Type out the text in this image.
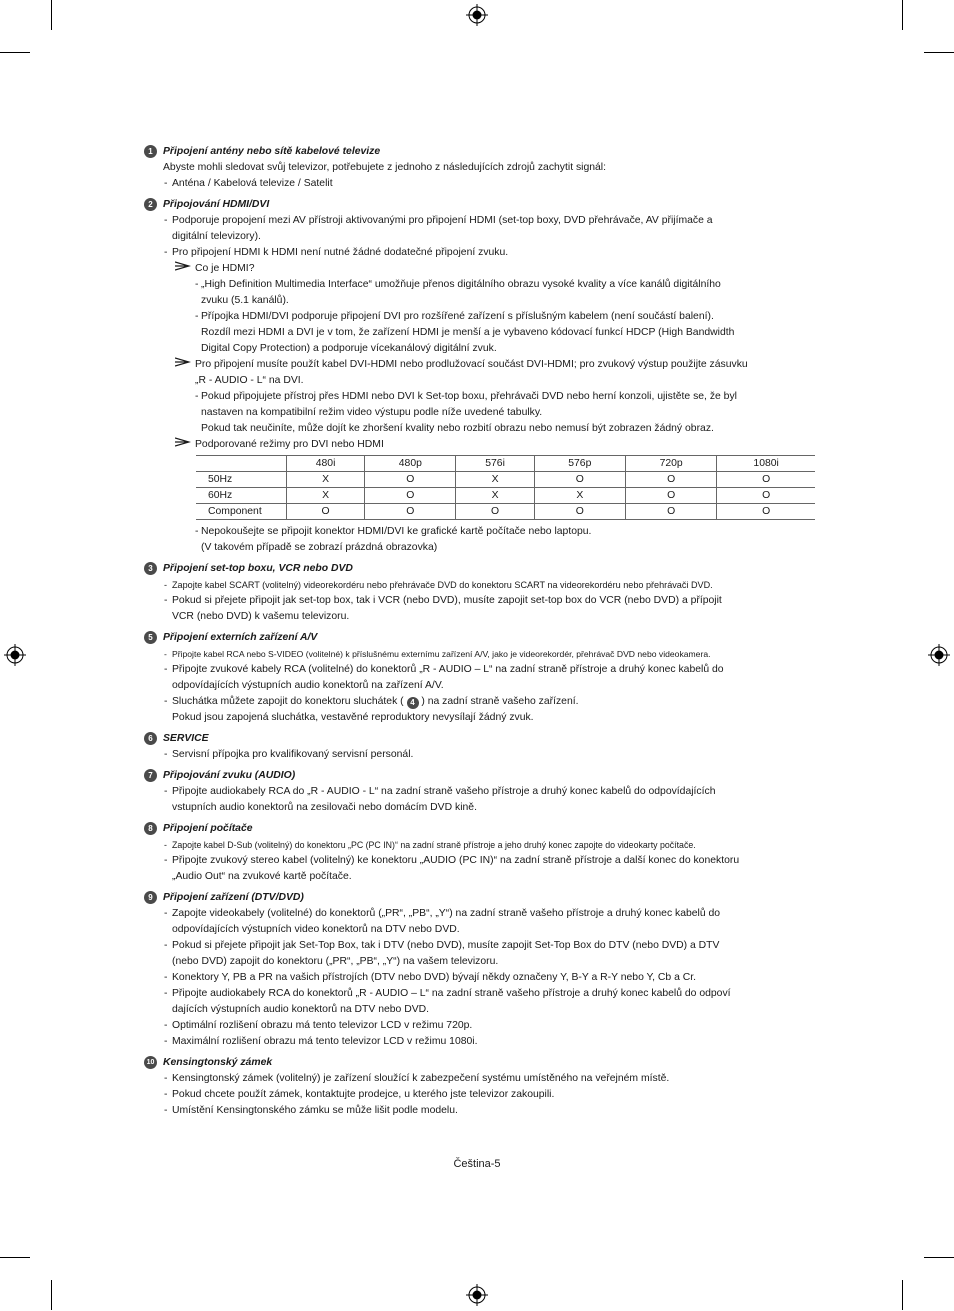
1 Připojení antény nebo sítě kabelové televize
Abyste mohli sledovat svůj televizor, potřebujete z jednoho z následujících zdrojů zachytit signál:
- Anténa / Kabelová televize / Satelit
2 Připojování HDMI/DVI
- Podporuje propojení mezi AV přístroji aktivovanými pro připojení HDMI (set-top boxy, DVD přehrávače, AV přijímače a
digitální televizory).
- Pro připojení HDMI k HDMI není nutné žádné dodatečné připojení zvuku.
Co je HDMI?
- „High Definition Multimedia Interface“ umožňuje přenos digitálního obrazu vysoké kvality a více kanálů digitálního
zvuku (5.1 kanálů).
- Přípojka HDMI/DVI podporuje připojení DVI pro rozšířené zařízení s příslušným kabelem (není součástí balení).
Rozdíl mezi HDMI a DVI je v tom, že zařízení HDMI je menší a je vybaveno kódovací funkcí HDCP (High Bandwidth
Digital Copy Protection) a podporuje vícekanálový digitální zvuk.
Pro připojení musíte použít kabel DVI-HDMI nebo prodlužovací součást DVI-HDMI; pro zvukový výstup použijte zásuvku
„R - AUDIO - L“ na DVI.
- Pokud připojujete přístroj přes HDMI nebo DVI k Set-top boxu, přehrávači DVD nebo herní konzoli, ujistěte se, že byl
nastaven na kompatibilní režim video výstupu podle níže uvedené tabulky.
Pokud tak neučiníte, může dojít ke zhoršení kvality nebo rozbití obrazu nebo nemusí být zobrazen žádný obraz.
Podporované režimy pro DVI nebo HDMI
	480i	480p	576i	576p	720p	1080i
50Hz	X	O	X	O	O	O
60Hz	X	O	X	X	O	O
Component	O	O	O	O	O	O
- Nepokoušejte se připojit konektor HDMI/DVI ke grafické kartě počítače nebo laptopu.
(V takovém případě se zobrazí prázdná obrazovka)
3 Připojení set-top boxu, VCR nebo DVD
- Zapojte kabel SCART (volitelný) videorekordéru nebo přehrávače DVD do konektoru SCART na videorekordéru nebo přehrávači DVD.
- Pokud si přejete připojit jak set-top box, tak i VCR (nebo DVD), musíte zapojit set-top box do VCR (nebo DVD) a přípojit
VCR (nebo DVD) k vašemu televizoru.
5 Připojení externích zařízení A/V
- Připojte kabel RCA nebo S-VIDEO (volitelné) k příslušnému externímu zařízení A/V, jako je videorekordér, přehrávač DVD nebo videokamera.
- Připojte zvukové kabely RCA (volitelné) do konektorů „R - AUDIO – L“ na zadní straně přístroje a druhý konec kabelů do
odpovídajících výstupních audio konektorů na zařízení A/V.
- Sluchátka můžete zapojit do konektoru sluchátek ( 4 ) na zadní straně vašeho zařízení.
Pokud jsou zapojená sluchátka, vestavěné reproduktory nevysílají žádný zvuk.
6 SERVICE
- Servisní přípojka pro kvalifikovaný servisní personál.
7 Připojování zvuku (AUDIO)
- Připojte audiokabely RCA do „R - AUDIO - L“ na zadní straně vašeho přístroje a druhý konec kabelů do odpovídajících
vstupních audio konektorů na zesilovači nebo domácím DVD kině.
8 Připojení počítače
- Zapojte kabel D-Sub (volitelný) do konektoru „PC (PC IN)“ na zadní straně přístroje a jeho druhý konec zapojte do videokarty počítače.
- Připojte zvukový stereo kabel (volitelný) ke konektoru „AUDIO (PC IN)“ na zadní straně přístroje a další konec do konektoru
„Audio Out“ na zvukové kartě počítače.
9 Připojení zařízení (DTV/DVD)
- Zapojte videokabely (volitelné) do konektorů („PR“, „PB“, „Y“) na zadní straně vašeho přístroje a druhý konec kabelů do
odpovídajících výstupních video konektorů na DTV nebo DVD.
- Pokud si přejete připojit jak Set-Top Box, tak i DTV (nebo DVD), musíte zapojit Set-Top Box do DTV (nebo DVD) a DTV
(nebo DVD) zapojit do konektoru („PR“, „PB“, „Y“) na vašem televizoru.
- Konektory Y, PB a PR na vašich přístrojích (DTV nebo DVD) bývají někdy označeny Y, B-Y a R-Y nebo Y, Cb a Cr.
- Připojte audiokabely RCA do konektorů „R - AUDIO – L“ na zadní straně vašeho přístroje a druhý konec kabelů do odpoví
dajících výstupních audio konektorů na DTV nebo DVD.
- Optimální rozlišení obrazu má tento televizor LCD v režimu 720p.
- Maximální rozlišení obrazu má tento televizor LCD v režimu 1080i.
10 Kensingtonský zámek
- Kensingtonský zámek (volitelný) je zařízení sloužící k zabezpečení systému umístěného na veřejném místě.
- Pokud chcete použít zámek, kontaktujte prodejce, u kterého jste televizor zakoupili.
- Umístění Kensingtonského zámku se může lišit podle modelu.
Čeština-5
